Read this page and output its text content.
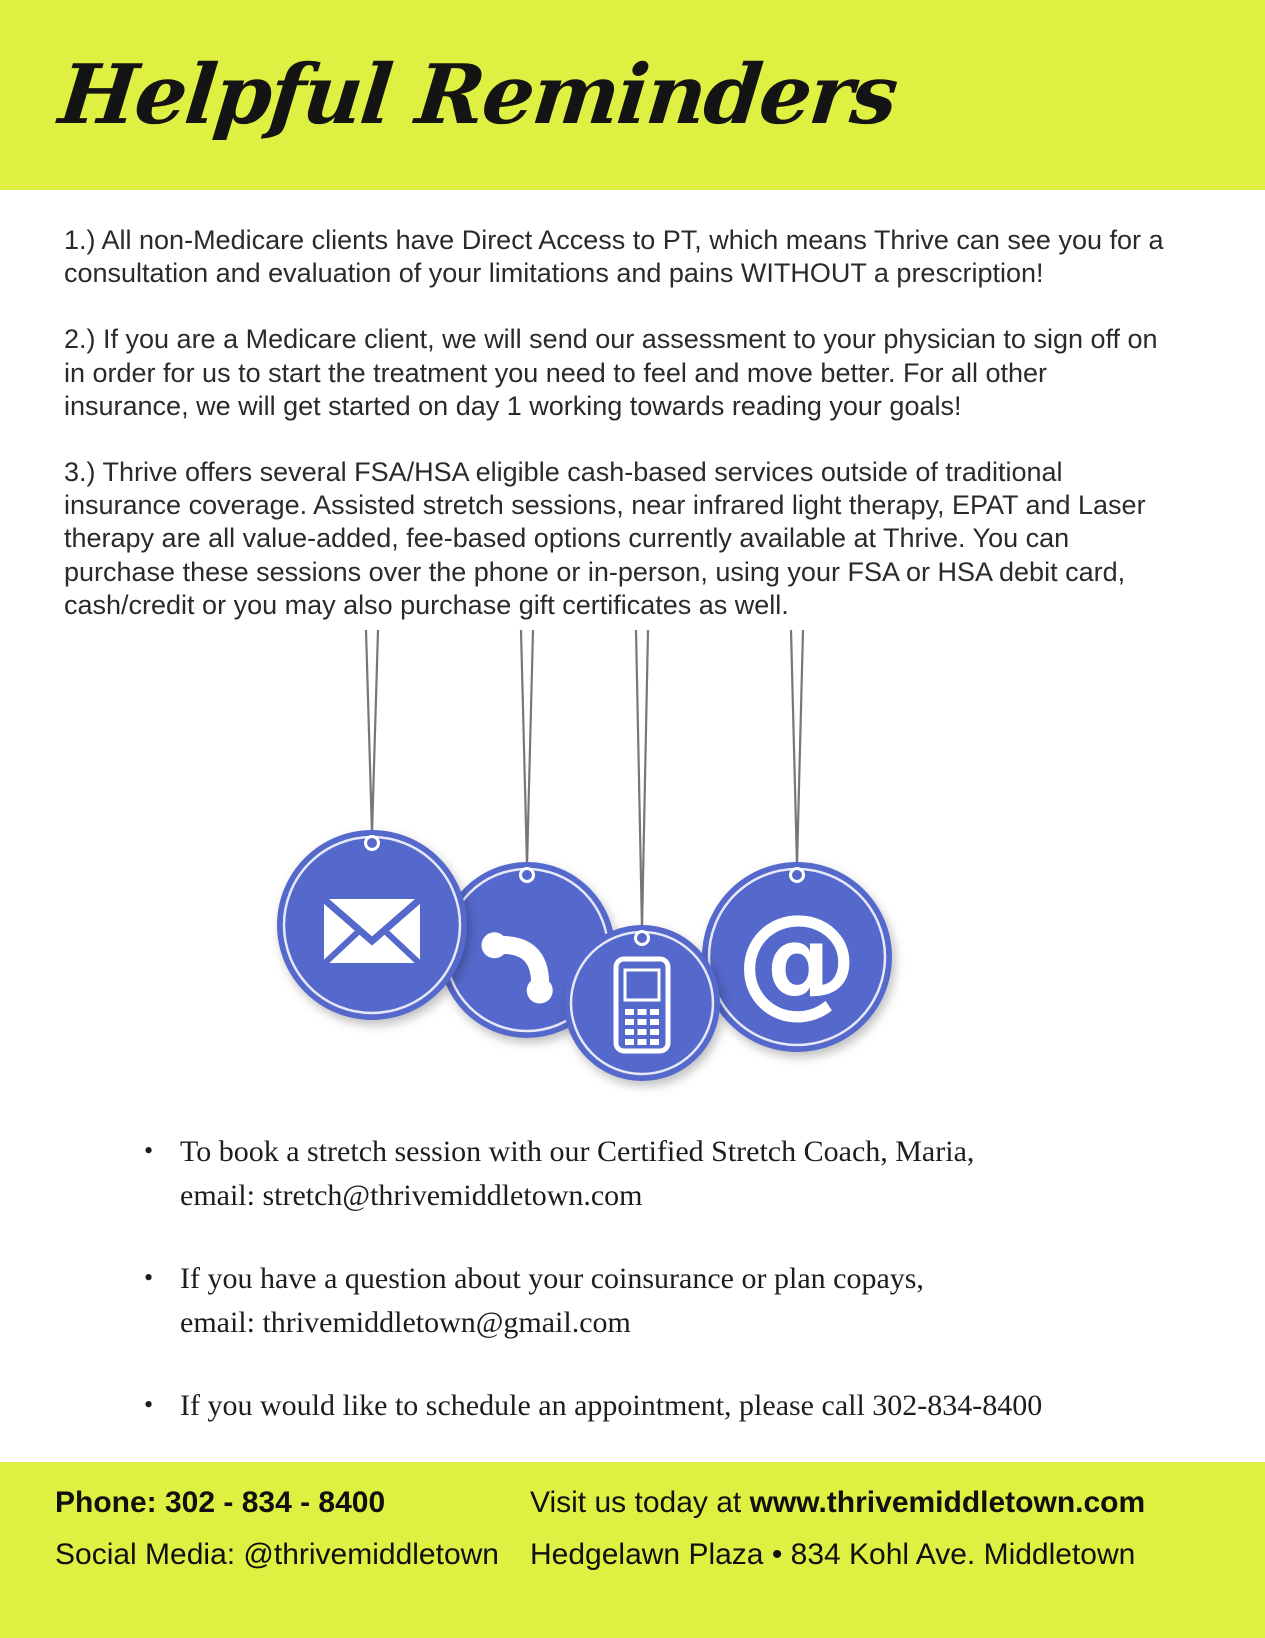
Helpful Reminders

1.) All non-Medicare clients have Direct Access to PT, which means Thrive can see you for a consultation and evaluation of your limitations and pains WITHOUT a prescription!

2.) If you are a Medicare client, we will send our assessment to your physician to sign off on in order for us to start the treatment you need to feel and move better. For all other insurance, we will get started on day 1 working towards reading your goals!

3.) Thrive offers several FSA/HSA eligible cash-based services outside of traditional insurance coverage. Assisted stretch sessions, near infrared light therapy, EPAT and Laser therapy are all value-added, fee-based options currently available at Thrive. You can purchase these sessions over the phone or in-person, using your FSA or HSA debit card, cash/credit or you may also purchase gift certificates as well.

@
• To book a stretch session with our Certified Stretch Coach, Maria,
email: stretch@thrivemiddletown.com
• If you have a question about your coinsurance or plan copays,
email: thrivemiddletown@gmail.com
• If you would like to schedule an appointment, please call 302-834-8400
Phone: 302 - 834 - 8400
Social Media: @thrivemiddletown
Visit us today at www.thrivemiddletown.com
Hedgelawn Plaza • 834 Kohl Ave. Middletown
